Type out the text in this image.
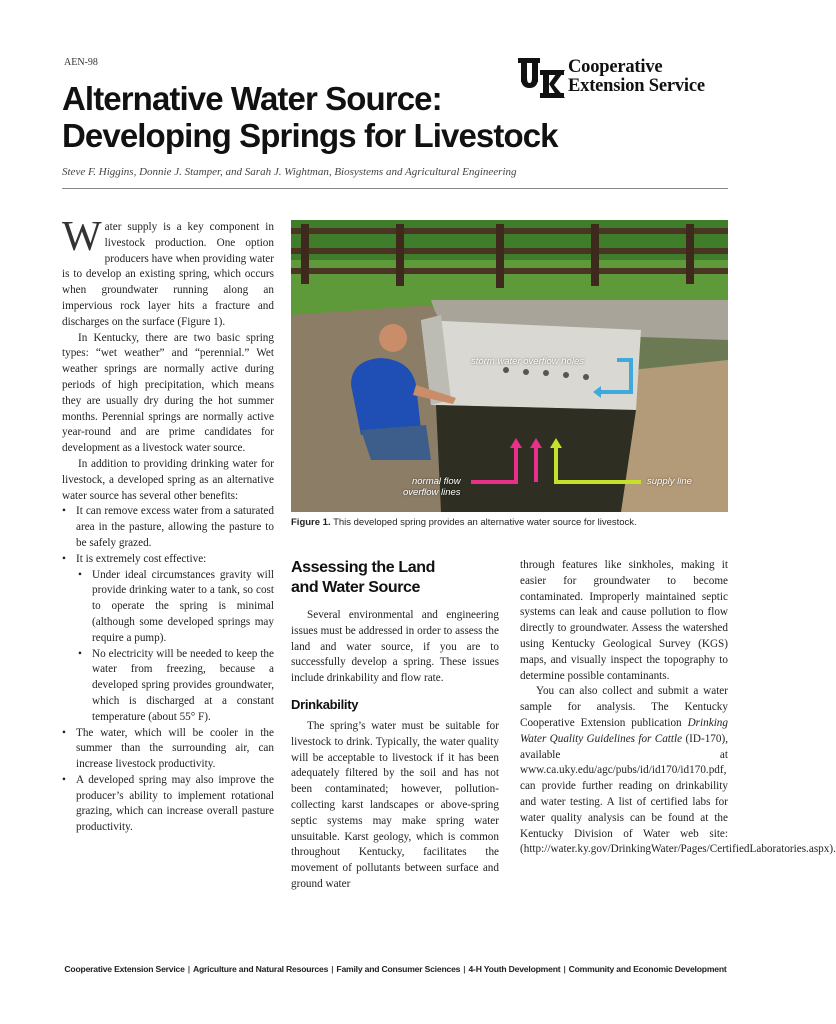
AEN-98	Cooperative
Extension Service
Alternative Water Source:
Developing Springs for Livestock
Steve F. Higgins, Donnie J. Stamper, and Sarah J. Wightman, Biosystems and Agricultural Engineering

Water supply is a key component in livestock production. One option producers have when providing water is to develop an existing spring, which occurs when groundwater running along an impervious rock layer hits a fracture and discharges on the surface (Figure 1).

In Kentucky, there are two basic spring types: “wet weather” and “perennial.” Wet weather springs are normally active during periods of high precipitation, which means they are usually dry during the hot summer months. Perennial springs are normally active year-round and are prime candidates for development as a livestock water source.

In addition to providing drinking water for livestock, a developed spring as an alternative water source has several other benefits:

• It can remove excess water from a saturated area in the pasture, allowing the pasture to be safely grazed.
• It is extremely cost effective:
• Under ideal circumstances gravity will provide drinking water to a tank, so cost to operate the spring is minimal (although some developed springs may require a pump).
• No electricity will be needed to keep the water from freezing, because a developed spring provides groundwater, which is discharged at a constant temperature (about 55° F).
• The water, which will be cooler in the summer than the surrounding air, can increase livestock productivity.
• A developed spring may also improve the producer’s ability to implement rotational grazing, which can increase overall pasture productivity.
storm water overflow holes
normal flow
overflow lines
supply line
Figure 1. This developed spring provides an alternative water source for livestock.
Assessing the Land
and Water Source

Several environmental and engineering issues must be addressed in order to assess the land and water source, if you are to successfully develop a spring. These issues include drinkability and flow rate.

Drinkability

The spring’s water must be suitable for livestock to drink. Typically, the water quality will be acceptable to livestock if it has been adequately filtered by the soil and has not been contaminated; however, pollution-collecting karst landscapes or above-spring septic systems may make spring water unsuitable. Karst geology, which is common throughout Kentucky, facilitates the movement of pollutants between surface and ground water

through features like sinkholes, making it easier for groundwater to become contaminated. Improperly maintained septic systems can leak and cause pollution to flow directly to groundwater. Assess the watershed using Kentucky Geological Survey (KGS) maps, and visually inspect the topography to determine possible contaminants.

You can also collect and submit a water sample for analysis. The Kentucky Cooperative Extension publication Drinking Water Quality Guidelines for Cattle (ID-170), available at www.ca.uky.edu/agc/pubs/id/id170/id170.pdf, can provide further reading on drinkability and water testing. A list of certified labs for water quality analysis can be found at the Kentucky Division of Water web site: (http://water.ky.gov/DrinkingWater/Pages/CertifiedLaboratories.aspx).

Cooperative Extension Service | Agriculture and Natural Resources | Family and Consumer Sciences | 4-H Youth Development | Community and Economic Development
